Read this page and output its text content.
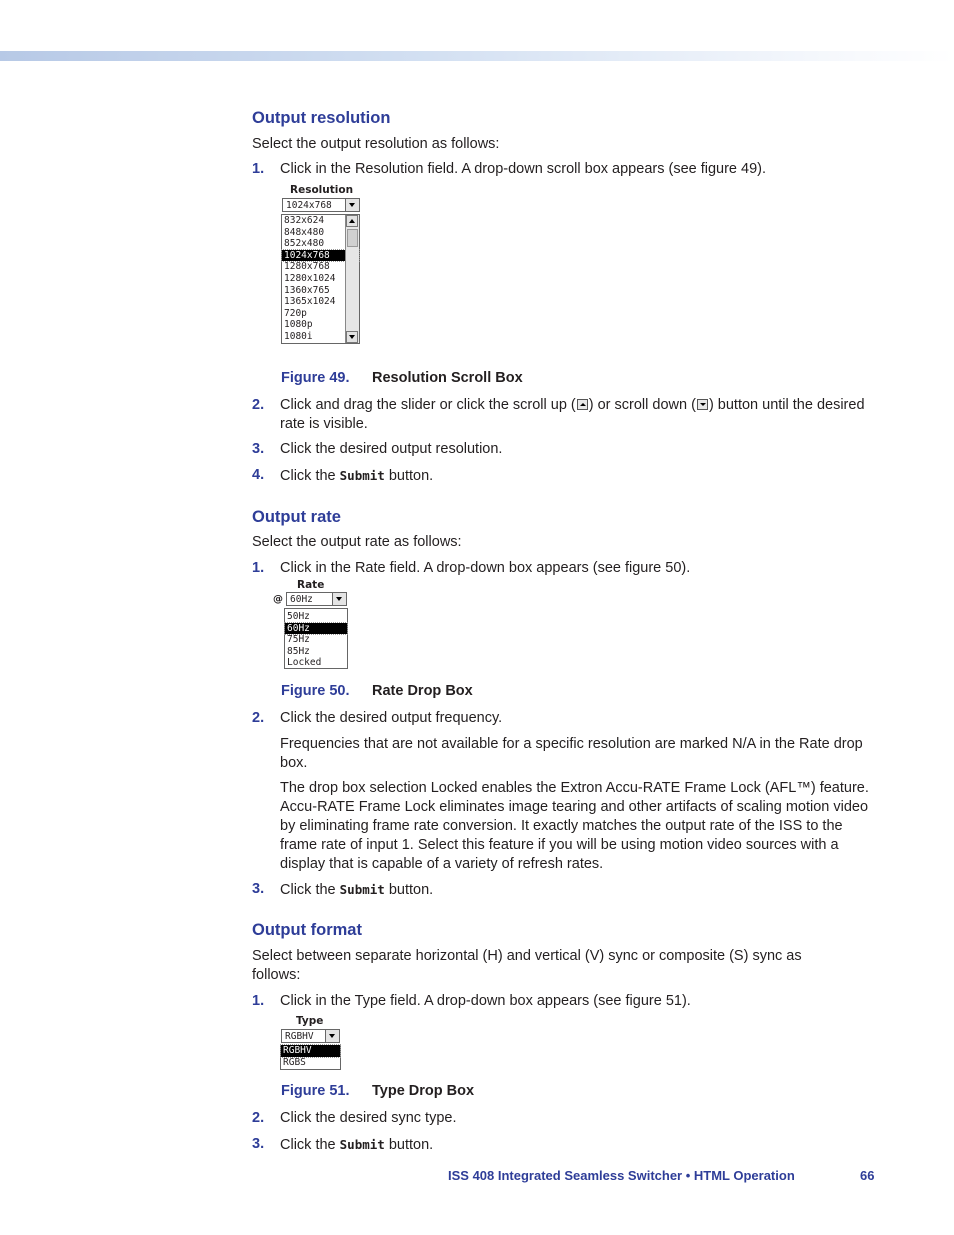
Output resolution

Select the output resolution as follows:

1. Click in the Resolution field. A drop-down scroll box appears (see figure 49).
Resolution
1024x768
832x624
848x480
852x480
1024x768
1280x768
1280x1024
1360x765
1365x1024
720p
1080p
1080i
Figure 49. Resolution Scroll Box
2. Click and drag the slider or click the scroll up ( ) or scroll down ( ) button until the desired rate is visible.
3. Click the desired output resolution.
4. Click the Submit button.
Output rate

Select the output rate as follows:

1. Click in the Rate field. A drop-down box appears (see figure 50).
Rate
@ 60Hz
50Hz
60Hz
75Hz
85Hz
Locked
Figure 50. Rate Drop Box
2. Click the desired output frequency.

Frequencies that are not available for a specific resolution are marked N/A in the Rate drop box.

The drop box selection Locked enables the Extron Accu-RATE Frame Lock (AFL™) feature. Accu-RATE Frame Lock eliminates image tearing and other artifacts of scaling motion video by eliminating frame rate conversion. It exactly matches the output rate of the ISS to the frame rate of input 1. Select this feature if you will be using motion video sources with a display that is capable of a variety of refresh rates.

3. Click the Submit button.
Output format

Select between separate horizontal (H) and vertical (V) sync or composite (S) sync as follows:

1. Click in the Type field. A drop-down box appears (see figure 51).
Type
RGBHV
RGBHV
RGBS
Figure 51. Type Drop Box
2. Click the desired sync type.
3. Click the Submit button.
ISS 408 Integrated Seamless Switcher • HTML Operation	66
